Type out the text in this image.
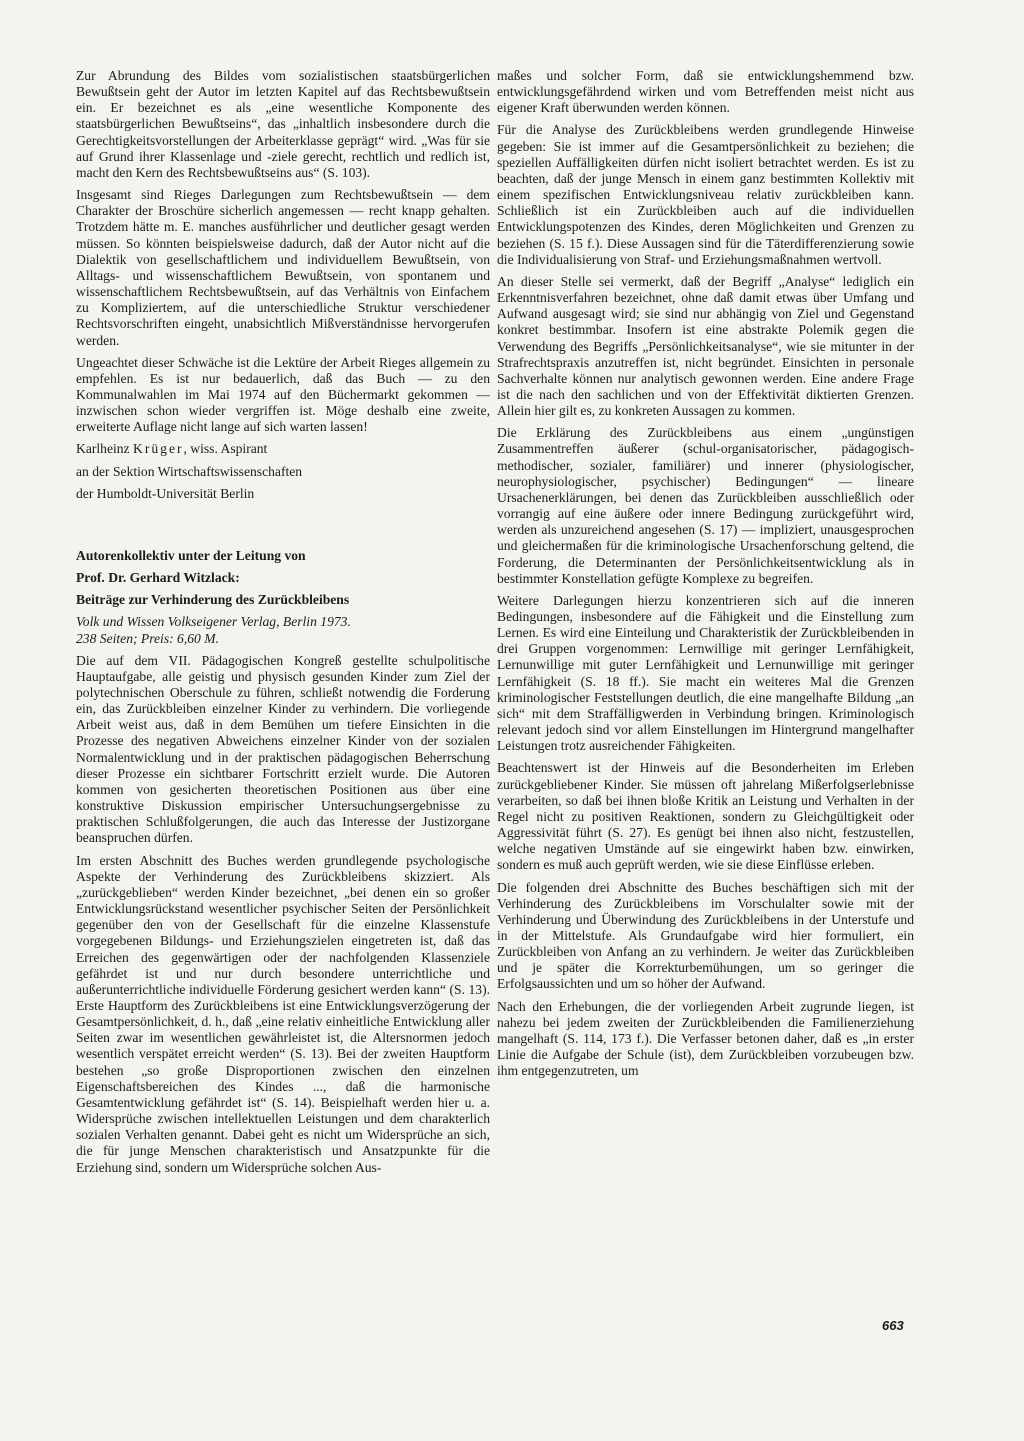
Zur Abrundung des Bildes vom sozialistischen staatsbürgerlichen Bewußtsein geht der Autor im letzten Kapitel auf das Rechtsbewußtsein ein. Er bezeichnet es als „eine wesentliche Komponente des staatsbürgerlichen Bewußtseins“, das „inhaltlich insbesondere durch die Gerechtigkeitsvorstellungen der Arbeiterklasse geprägt“ wird. „Was für sie auf Grund ihrer Klassenlage und -ziele gerecht, rechtlich und redlich ist, macht den Kern des Rechtsbewußtseins aus“ (S. 103).

Insgesamt sind Rieges Darlegungen zum Rechtsbewußtsein — dem Charakter der Broschüre sicherlich angemessen — recht knapp gehalten. Trotzdem hätte m. E. manches ausführlicher und deutlicher gesagt werden müssen. So könnten beispielsweise dadurch, daß der Autor nicht auf die Dialektik von gesellschaftlichem und individuellem Bewußtsein, von Alltags- und wissenschaftlichem Bewußtsein, von spontanem und wissenschaftlichem Rechtsbewußtsein, auf das Verhältnis von Einfachem zu Kompliziertem, auf die unterschiedliche Struktur verschiedener Rechtsvorschriften eingeht, unabsichtlich Mißverständnisse hervorgerufen werden.

Ungeachtet dieser Schwäche ist die Lektüre der Arbeit Rieges allgemein zu empfehlen. Es ist nur bedauerlich, daß das Buch — zu den Kommunalwahlen im Mai 1974 auf den Büchermarkt gekommen — inzwischen schon wieder vergriffen ist. Möge deshalb eine zweite, erweiterte Auflage nicht lange auf sich warten lassen!

Karlheinz Krüger, wiss. Aspirant

an der Sektion Wirtschaftswissenschaften

der Humboldt-Universität Berlin

Autorenkollektiv unter der Leitung von

Prof. Dr. Gerhard Witzlack:

Beiträge zur Verhinderung des Zurückbleibens

Volk und Wissen Volkseigener Verlag, Berlin 1973.
238 Seiten; Preis: 6,60 M.

Die auf dem VII. Pädagogischen Kongreß gestellte schulpolitische Hauptaufgabe, alle geistig und physisch gesunden Kinder zum Ziel der polytechnischen Oberschule zu führen, schließt notwendig die Forderung ein, das Zurückbleiben einzelner Kinder zu verhindern. Die vorliegende Arbeit weist aus, daß in dem Bemühen um tiefere Einsichten in die Prozesse des negativen Abweichens einzelner Kinder von der sozialen Normalentwicklung und in der praktischen pädagogischen Beherrschung dieser Prozesse ein sichtbarer Fortschritt erzielt wurde. Die Autoren kommen von gesicherten theoretischen Positionen aus über eine konstruktive Diskussion empirischer Untersuchungsergebnisse zu praktischen Schlußfolgerungen, die auch das Interesse der Justizorgane beanspruchen dürfen.

Im ersten Abschnitt des Buches werden grundlegende psychologische Aspekte der Verhinderung des Zurückbleibens skizziert. Als „zurückgeblieben“ werden Kinder bezeichnet, „bei denen ein so großer Entwicklungsrückstand wesentlicher psychischer Seiten der Persönlichkeit gegenüber den von der Gesellschaft für die einzelne Klassenstufe vorgegebenen Bildungs- und Erziehungszielen eingetreten ist, daß das Erreichen des gegenwärtigen oder der nachfolgenden Klassenziele gefährdet ist und nur durch besondere unterrichtliche und außerunterrichtliche individuelle Förderung gesichert werden kann“ (S. 13). Erste Hauptform des Zurückbleibens ist eine Entwicklungsverzögerung der Gesamtpersönlichkeit, d. h., daß „eine relativ einheitliche Entwicklung aller Seiten zwar im wesentlichen gewährleistet ist, die Altersnormen jedoch wesentlich verspätet erreicht werden“ (S. 13). Bei der zweiten Hauptform bestehen „so große Disproportionen zwischen den einzelnen Eigenschaftsbereichen des Kindes ..., daß die harmonische Gesamtentwicklung gefährdet ist“ (S. 14). Beispielhaft werden hier u. a. Widersprüche zwischen intellektuellen Leistungen und dem charakterlich sozialen Verhalten genannt. Dabei geht es nicht um Widersprüche an sich, die für junge Menschen charakteristisch und Ansatzpunkte für die Erziehung sind, sondern um Widersprüche solchen Aus-

maßes und solcher Form, daß sie entwicklungshemmend bzw. entwicklungsgefährdend wirken und vom Betreffenden meist nicht aus eigener Kraft überwunden werden können.

Für die Analyse des Zurückbleibens werden grundlegende Hinweise gegeben: Sie ist immer auf die Gesamtpersönlichkeit zu beziehen; die speziellen Auffälligkeiten dürfen nicht isoliert betrachtet werden. Es ist zu beachten, daß der junge Mensch in einem ganz bestimmten Kollektiv mit einem spezifischen Entwicklungsniveau relativ zurückbleiben kann. Schließlich ist ein Zurückbleiben auch auf die individuellen Entwicklungspotenzen des Kindes, deren Möglichkeiten und Grenzen zu beziehen (S. 15 f.). Diese Aussagen sind für die Täterdifferenzierung sowie die Individualisierung von Straf- und Erziehungsmaßnahmen wertvoll.

An dieser Stelle sei vermerkt, daß der Begriff „Analyse“ lediglich ein Erkenntnisverfahren bezeichnet, ohne daß damit etwas über Umfang und Aufwand ausgesagt wird; sie sind nur abhängig von Ziel und Gegenstand konkret bestimmbar. Insofern ist eine abstrakte Polemik gegen die Verwendung des Begriffs „Persönlichkeitsanalyse“, wie sie mitunter in der Strafrechtspraxis anzutreffen ist, nicht begründet. Einsichten in personale Sachverhalte können nur analytisch gewonnen werden. Eine andere Frage ist die nach den sachlichen und von der Effektivität diktierten Grenzen. Allein hier gilt es, zu konkreten Aussagen zu kommen.

Die Erklärung des Zurückbleibens aus einem „ungünstigen Zusammentreffen äußerer (schul-organisatorischer, pädagogisch-methodischer, sozialer, familiärer) und innerer (physiologischer, neurophysiologischer, psychischer) Bedingungen“ — lineare Ursachenerklärungen, bei denen das Zurückbleiben ausschließlich oder vorrangig auf eine äußere oder innere Bedingung zurückgeführt wird, werden als unzureichend angesehen (S. 17) — impliziert, unausgesprochen und gleichermaßen für die kriminologische Ursachenforschung geltend, die Forderung, die Determinanten der Persönlichkeitsentwicklung als in bestimmter Konstellation gefügte Komplexe zu begreifen.

Weitere Darlegungen hierzu konzentrieren sich auf die inneren Bedingungen, insbesondere auf die Fähigkeit und die Einstellung zum Lernen. Es wird eine Einteilung und Charakteristik der Zurückbleibenden in drei Gruppen vorgenommen: Lernwillige mit geringer Lernfähigkeit, Lernunwillige mit guter Lernfähigkeit und Lernunwillige mit geringer Lernfähigkeit (S. 18 ff.). Sie macht ein weiteres Mal die Grenzen kriminologischer Feststellungen deutlich, die eine mangelhafte Bildung „an sich“ mit dem Straffälligwerden in Verbindung bringen. Kriminologisch relevant jedoch sind vor allem Einstellungen im Hintergrund mangelhafter Leistungen trotz ausreichender Fähigkeiten.

Beachtenswert ist der Hinweis auf die Besonderheiten im Erleben zurückgebliebener Kinder. Sie müssen oft jahrelang Mißerfolgserlebnisse verarbeiten, so daß bei ihnen bloße Kritik an Leistung und Verhalten in der Regel nicht zu positiven Reaktionen, sondern zu Gleichgültigkeit oder Aggressivität führt (S. 27). Es genügt bei ihnen also nicht, festzustellen, welche negativen Umstände auf sie eingewirkt haben bzw. einwirken, sondern es muß auch geprüft werden, wie sie diese Einflüsse erleben.

Die folgenden drei Abschnitte des Buches beschäftigen sich mit der Verhinderung des Zurückbleibens im Vorschulalter sowie mit der Verhinderung und Überwindung des Zurückbleibens in der Unterstufe und in der Mittelstufe. Als Grundaufgabe wird hier formuliert, ein Zurückbleiben von Anfang an zu verhindern. Je weiter das Zurückbleiben und je später die Korrekturbemühungen, um so geringer die Erfolgsaussichten und um so höher der Aufwand.

Nach den Erhebungen, die der vorliegenden Arbeit zugrunde liegen, ist nahezu bei jedem zweiten der Zurückbleibenden die Familienerziehung mangelhaft (S. 114, 173 f.). Die Verfasser betonen daher, daß es „in erster Linie die Aufgabe der Schule (ist), dem Zurückbleiben vorzubeugen bzw. ihm entgegenzutreten, um

663
